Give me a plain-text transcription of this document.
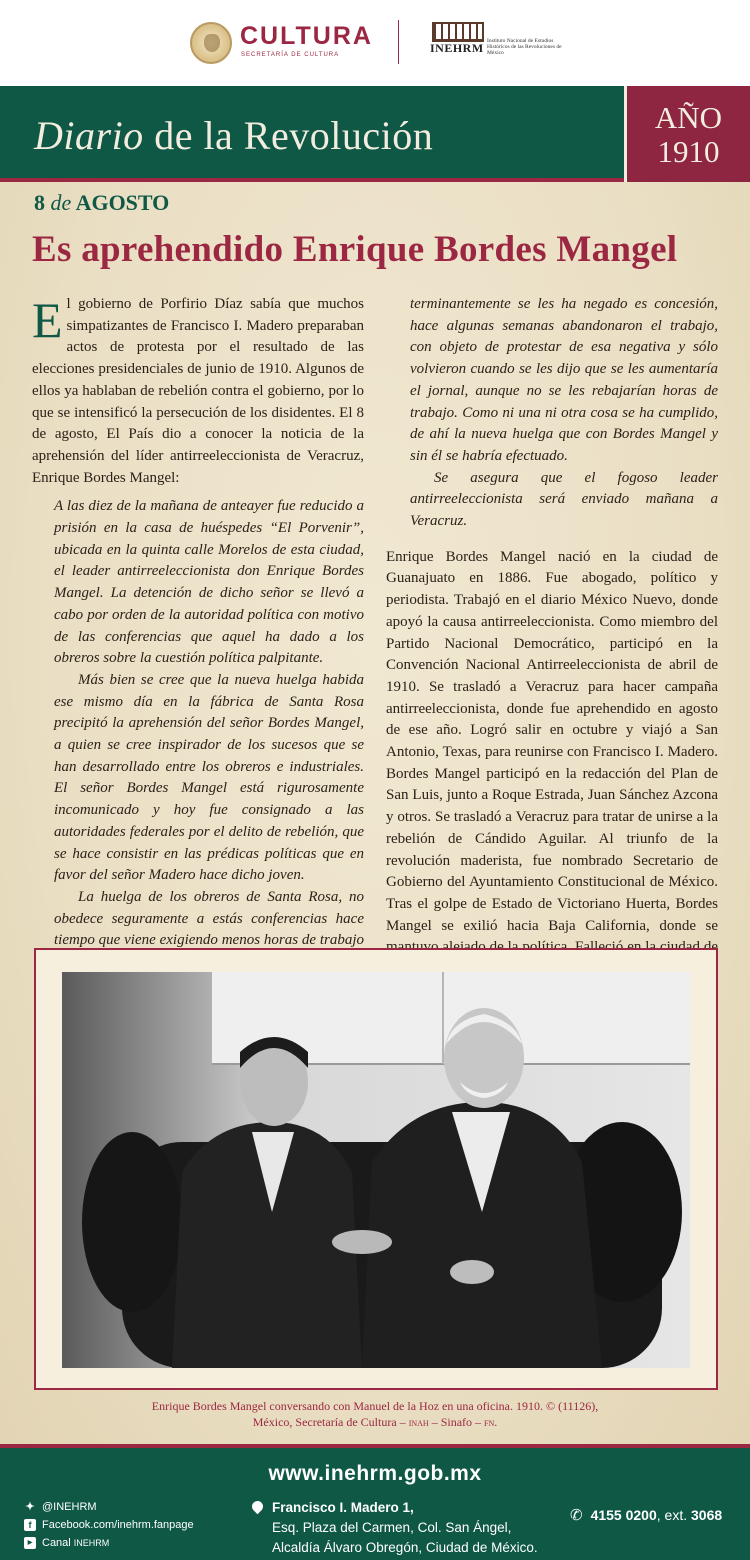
CULTURA
SECRETARÍA DE CULTURA	INEHRM Instituto Nacional de Estudios Históricos de las Revoluciones de México
Diario de la Revolución	AÑO
1910
8 de AGOSTO
Es aprehendido Enrique Bordes Mangel

El gobierno de Porfirio Díaz sabía que muchos simpatizantes de Francisco I. Madero preparaban actos de protesta por el resultado de las elecciones presidenciales de junio de 1910. Algunos de ellos ya hablaban de rebelión contra el gobierno, por lo que se intensificó la persecución de los disidentes. El 8 de agosto, El País dio a conocer la noticia de la aprehensión del líder antirreeleccionista de Veracruz, Enrique Bordes Mangel:

A las diez de la mañana de anteayer fue reducido a prisión en la casa de huéspedes “El Porvenir”, ubicada en la quinta calle Morelos de esta ciudad, el leader antirreeleccionista don Enrique Bordes Mangel. La detención de dicho señor se llevó a cabo por orden de la autoridad política con motivo de las conferencias que aquel ha dado a los obreros sobre la cuestión política palpitante.

Más bien se cree que la nueva huelga habida ese mismo día en la fábrica de Santa Rosa precipitó la aprehensión del señor Bordes Mangel, a quien se cree inspirador de los sucesos que se han desarrollado entre los obreros e industriales. El señor Bordes Mangel está rigurosamente incomunicado y hoy fue consignado a las autoridades federales por el delito de rebelión, que se hace consistir en las prédicas políticas que en favor del señor Madero hace dicho joven.

La huelga de los obreros de Santa Rosa, no obedece seguramente a estás conferencias hace tiempo que viene exigiendo menos horas de trabajo

terminantemente se les ha negado es concesión, hace algunas semanas abandonaron el trabajo, con objeto de protestar de esa negativa y sólo volvieron cuando se les dijo que se les aumentaría el jornal, aunque no se les rebajarían horas de trabajo. Como ni una ni otra cosa se ha cumplido, de ahí la nueva huelga que con Bordes Mangel y sin él se habría efectuado.

Se asegura que el fogoso leader antirreeleccionista será enviado mañana a Veracruz.

Enrique Bordes Mangel nació en la ciudad de Guanajuato en 1886. Fue abogado, político y periodista. Trabajó en el diario México Nuevo, donde apoyó la causa antirreeleccionista. Como miembro del Partido Nacional Democrático, participó en la Convención Nacional Antirreeleccionista de abril de 1910. Se trasladó a Veracruz para hacer campaña antirreeleccionista, donde fue aprehendido en agosto de ese año. Logró salir en octubre y viajó a San Antonio, Texas, para reunirse con Francisco I. Madero. Bordes Mangel participó en la redacción del Plan de San Luis, junto a Roque Estrada, Juan Sánchez Azcona y otros. Se trasladó a Veracruz para tratar de unirse a la rebelión de Cándido Aguilar. Al triunfo de la revolución maderista, fue nombrado Secretario de Gobierno del Ayuntamiento Constitucional de México. Tras el golpe de Estado de Victoriano Huerta, Bordes Mangel se exilió hacia Baja California, donde se

Enrique Bordes Mangel conversando con Manuel de la Hoz en una oficina. 1910. © (11126),
México, Secretaría de Cultura – inah – Sinafo – fn.
www.inehrm.gob.mx
✦ @INEHRM
f Facebook.com/inehrm.fanpage
▶ Canal INEHRM
Francisco I. Madero 1,
Esq. Plaza del Carmen, Col. San Ángel,
Alcaldía Álvaro Obregón, Ciudad de México.
✆ 4155 0200, ext. 3068
